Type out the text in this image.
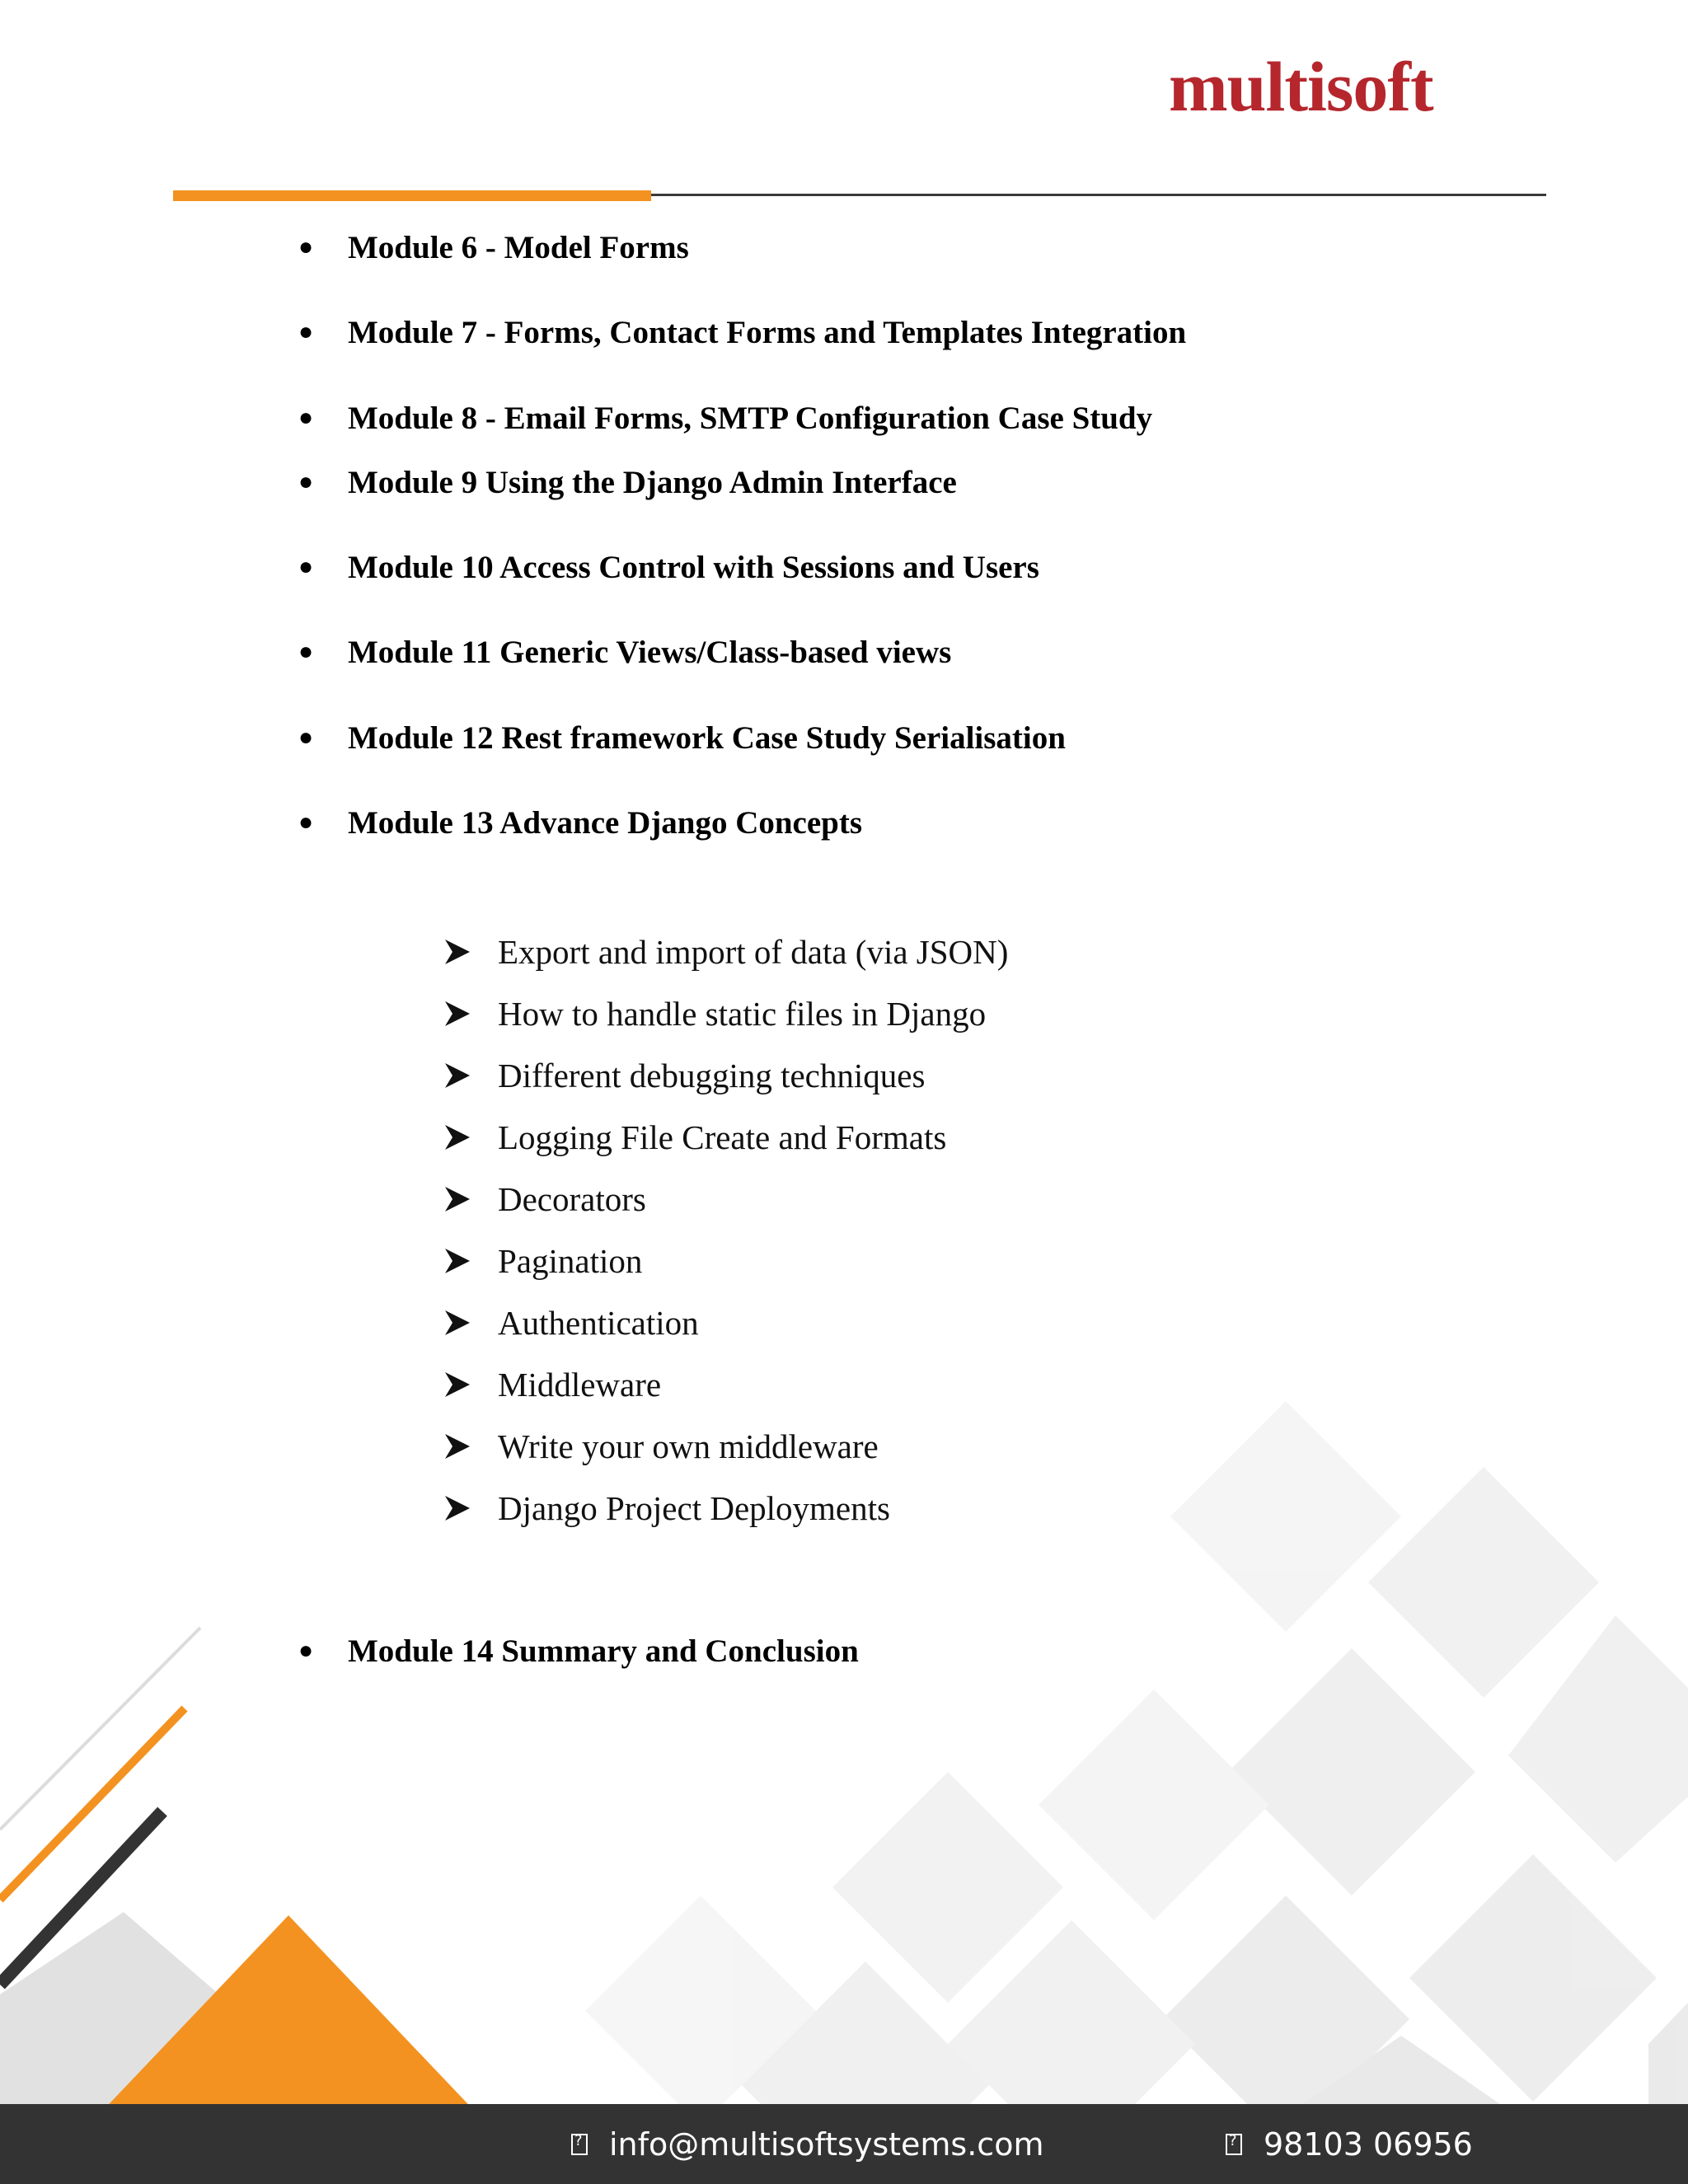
multisoft
●	Module 6 - Model Forms
●	Module 7 - Forms, Contact Forms and Templates Integration
●	Module 8 - Email Forms, SMTP Configuration Case Study
●	Module 9 Using the Django Admin Interface
●	Module 10 Access Control with Sessions and Users
●	Module 11 Generic Views/Class-based views
●	Module 12 Rest framework Case Study Serialisation
●	Module 13 Advance Django Concepts
●	Module 14 Summary and Conclusion
Export and import of data (via JSON)
How to handle static files in Django
Different debugging techniques
Logging File Create and Formats
Decorators
Pagination
Authentication
Middleware
Write your own middleware
Django Project Deployments
?
info@multisoftsystems.com
?	98103 06956
